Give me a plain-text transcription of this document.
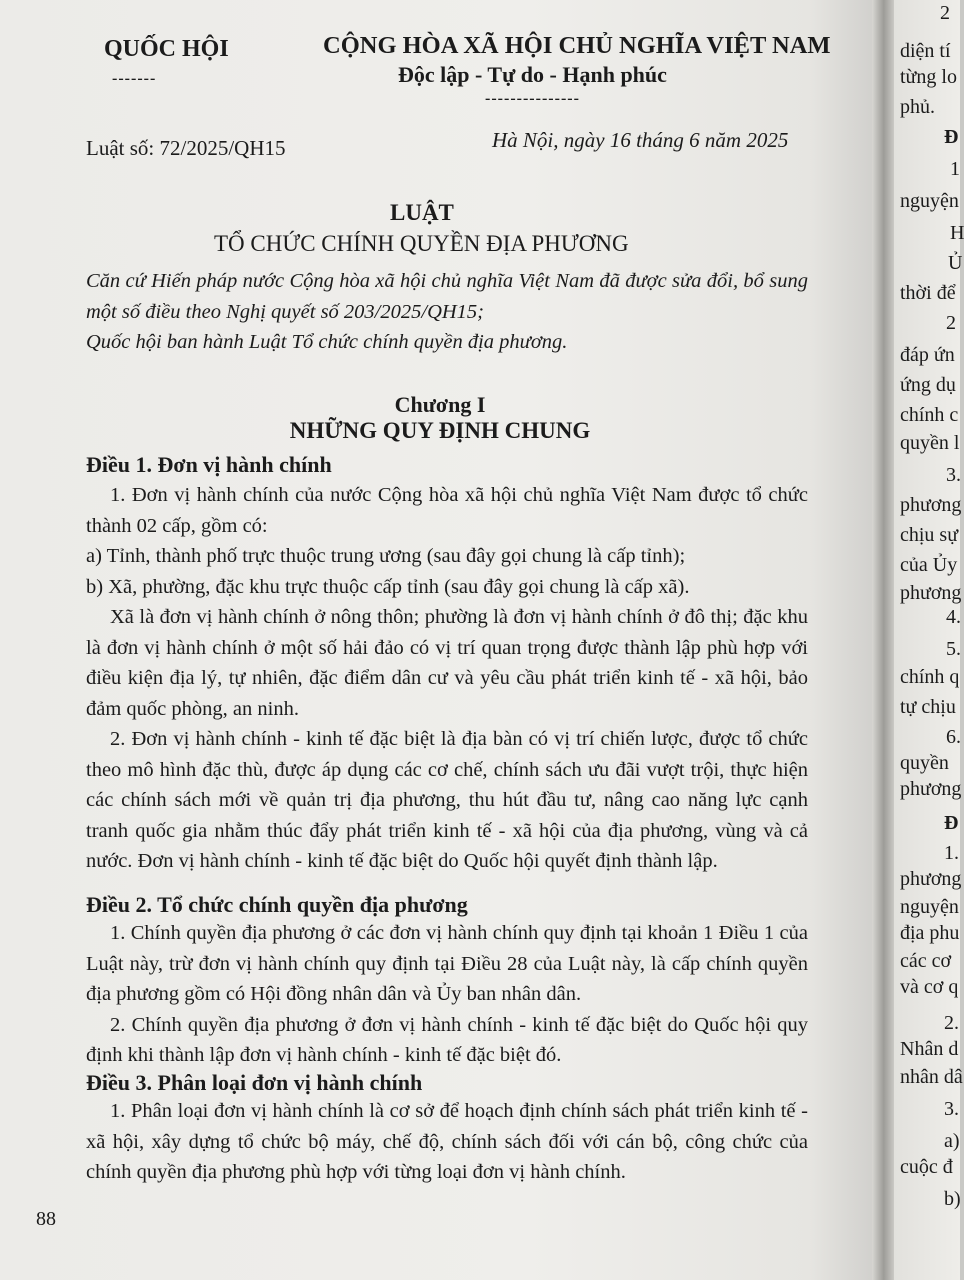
QUỐC HỘI
-------
CỘNG HÒA XÃ HỘI CHỦ NGHĨA VIỆT NAM
Độc lập - Tự do - Hạnh phúc
---------------
Luật số: 72/2025/QH15	Hà Nội, ngày 16 tháng 6 năm 2025
LUẬT
TỔ CHỨC CHÍNH QUYỀN ĐỊA PHƯƠNG
Căn cứ Hiến pháp nước Cộng hòa xã hội chủ nghĩa Việt Nam đã được sửa đổi, bổ sung một số điều theo Nghị quyết số 203/2025/QH15;
Quốc hội ban hành Luật Tổ chức chính quyền địa phương.
Chương I
NHỮNG QUY ĐỊNH CHUNG
Điều 1. Đơn vị hành chính
1. Đơn vị hành chính của nước Cộng hòa xã hội chủ nghĩa Việt Nam được tổ chức thành 02 cấp, gồm có:
a) Tỉnh, thành phố trực thuộc trung ương (sau đây gọi chung là cấp tỉnh);
b) Xã, phường, đặc khu trực thuộc cấp tỉnh (sau đây gọi chung là cấp xã).
Xã là đơn vị hành chính ở nông thôn; phường là đơn vị hành chính ở đô thị; đặc khu là đơn vị hành chính ở một số hải đảo có vị trí quan trọng được thành lập phù hợp với điều kiện địa lý, tự nhiên, đặc điểm dân cư và yêu cầu phát triển kinh tế - xã hội, bảo đảm quốc phòng, an ninh.
2. Đơn vị hành chính - kinh tế đặc biệt là địa bàn có vị trí chiến lược, được tổ chức theo mô hình đặc thù, được áp dụng các cơ chế, chính sách ưu đãi vượt trội, thực hiện các chính sách mới về quản trị địa phương, thu hút đầu tư, nâng cao năng lực cạnh tranh quốc gia nhằm thúc đẩy phát triển kinh tế - xã hội của địa phương, vùng và cả nước. Đơn vị hành chính - kinh tế đặc biệt do Quốc hội quyết định thành lập.
Điều 2. Tổ chức chính quyền địa phương
1. Chính quyền địa phương ở các đơn vị hành chính quy định tại khoản 1 Điều 1 của Luật này, trừ đơn vị hành chính quy định tại Điều 28 của Luật này, là cấp chính quyền địa phương gồm có Hội đồng nhân dân và Ủy ban nhân dân.
2. Chính quyền địa phương ở đơn vị hành chính - kinh tế đặc biệt do Quốc hội quy định khi thành lập đơn vị hành chính - kinh tế đặc biệt đó.
Điều 3. Phân loại đơn vị hành chính
1. Phân loại đơn vị hành chính là cơ sở để hoạch định chính sách phát triển kinh tế - xã hội, xây dựng tổ chức bộ máy, chế độ, chính sách đối với cán bộ, công chức của chính quyền địa phương phù hợp với từng loại đơn vị hành chính.
88
2
diện tí
từng lo
phủ.
Đ
1
nguyện
H
Ủ
thời để
2
đáp ứn
ứng dụ
chính c
quyền l
3.
phương
chịu sự
của Ủy
phương
4.
5.
chính q
tự chịu
6.
quyền
phương
Đ
1.
phương
nguyện
địa phu
các cơ
và cơ q
2.
Nhân d
nhân dâ
3.
a)
cuộc đ
b)
